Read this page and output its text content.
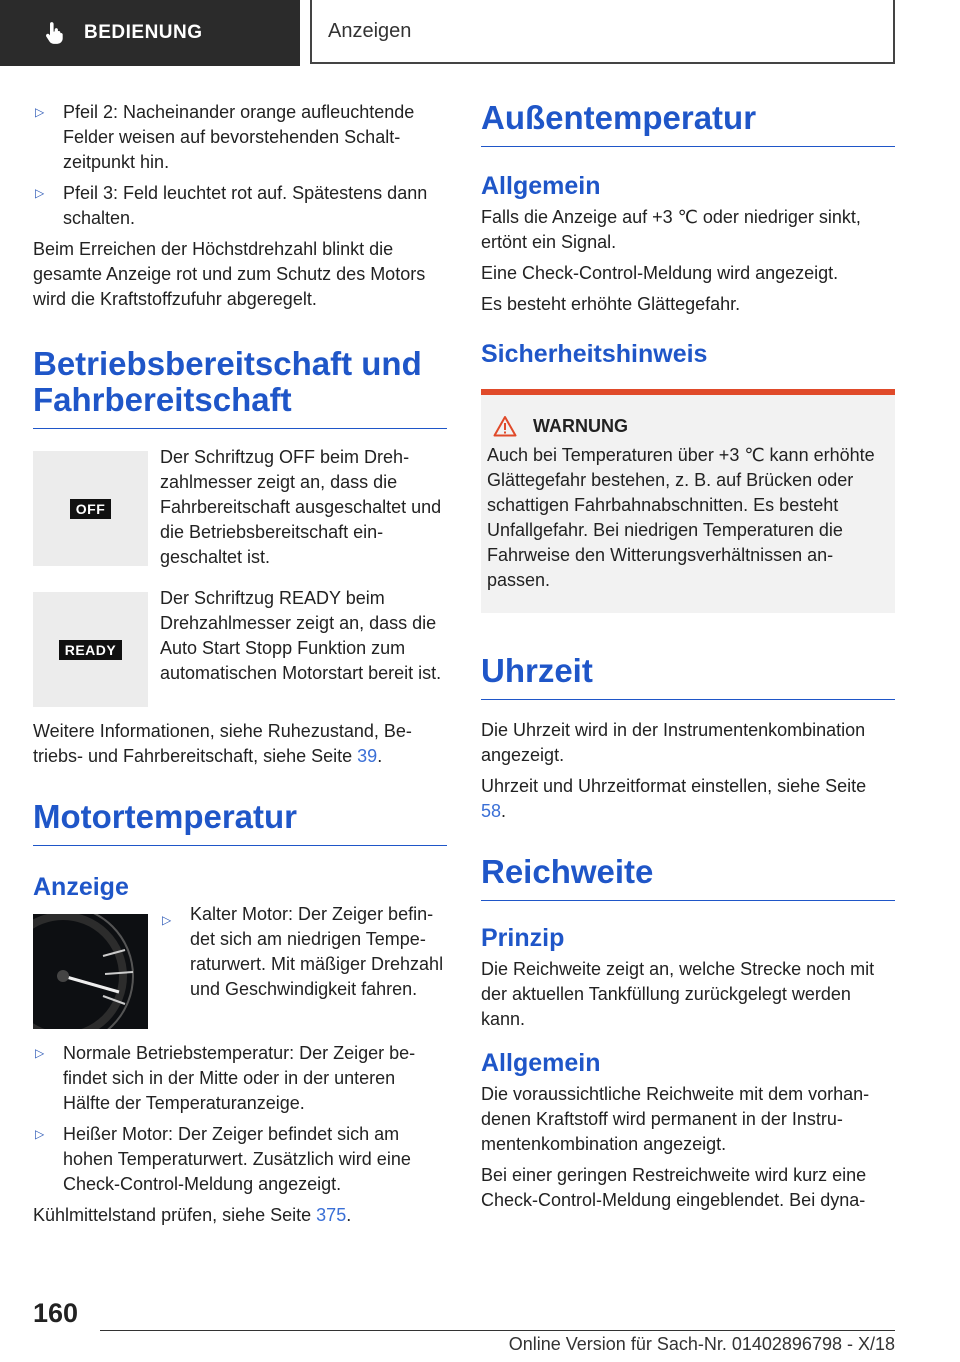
BEDIENUNG	Anzeigen
▷	Pfeil 2: Nacheinander orange aufleuchtende Felder weisen auf bevorstehenden Schaltzeitpunkt hin.
▷	Pfeil 3: Feld leuchtet rot auf. Spätestens dann schalten.

Beim Erreichen der Höchstdrehzahl blinkt die gesamte Anzeige rot und zum Schutz des Motors wird die Kraftstoffzufuhr abgeregelt.

Betriebsbereitschaft und Fahrbereitschaft
OFF
Der Schriftzug OFF beim Drehzahlmesser zeigt an, dass die Fahrbereitschaft ausgeschaltet und die Betriebsbereitschaft eingeschaltet ist.
READY
Der Schriftzug READY beim Drehzahlmesser zeigt an, dass die Auto Start Stopp Funktion zum automatischen Motorstart bereit ist.

Weitere Informationen, siehe Ruhezustand, Betriebs- und Fahrbereitschaft, siehe Seite 39.

Motortemperatur
Anzeige
▷	Kalter Motor: Der Zeiger befindet sich am niedrigen Temperaturwert. Mit mäßiger Drehzahl und Geschwindigkeit fahren.
▷	Normale Betriebstemperatur: Der Zeiger befindet sich in der Mitte oder in der unteren Hälfte der Temperaturanzeige.
▷	Heißer Motor: Der Zeiger befindet sich am hohen Temperaturwert. Zusätzlich wird eine Check-Control-Meldung angezeigt.

Kühlmittelstand prüfen, siehe Seite 375.

Außentemperatur
Allgemein

Falls die Anzeige auf +3 ℃ oder niedriger sinkt, ertönt ein Signal.

Eine Check-Control-Meldung wird angezeigt.

Es besteht erhöhte Glättegefahr.

Sicherheitshinweis
WARNUNG

Auch bei Temperaturen über +3 ℃ kann erhöhte Glättegefahr bestehen, z. B. auf Brücken oder schattigen Fahrbahnabschnitten. Es besteht Unfallgefahr. Bei niedrigen Temperaturen die Fahrweise den Witterungsverhältnissen anpassen.

Uhrzeit

Die Uhrzeit wird in der Instrumentenkombination angezeigt.

Uhrzeit und Uhrzeitformat einstellen, siehe Seite 58.

Reichweite
Prinzip

Die Reichweite zeigt an, welche Strecke noch mit der aktuellen Tankfüllung zurückgelegt werden kann.

Allgemein

Die voraussichtliche Reichweite mit dem vorhandenen Kraftstoff wird permanent in der Instrumentenkombination angezeigt.

Bei einer geringen Restreichweite wird kurz eine Check-Control-Meldung eingeblendet. Bei dyna-

160
Online Version für Sach-Nr. 01402896798 - X/18
